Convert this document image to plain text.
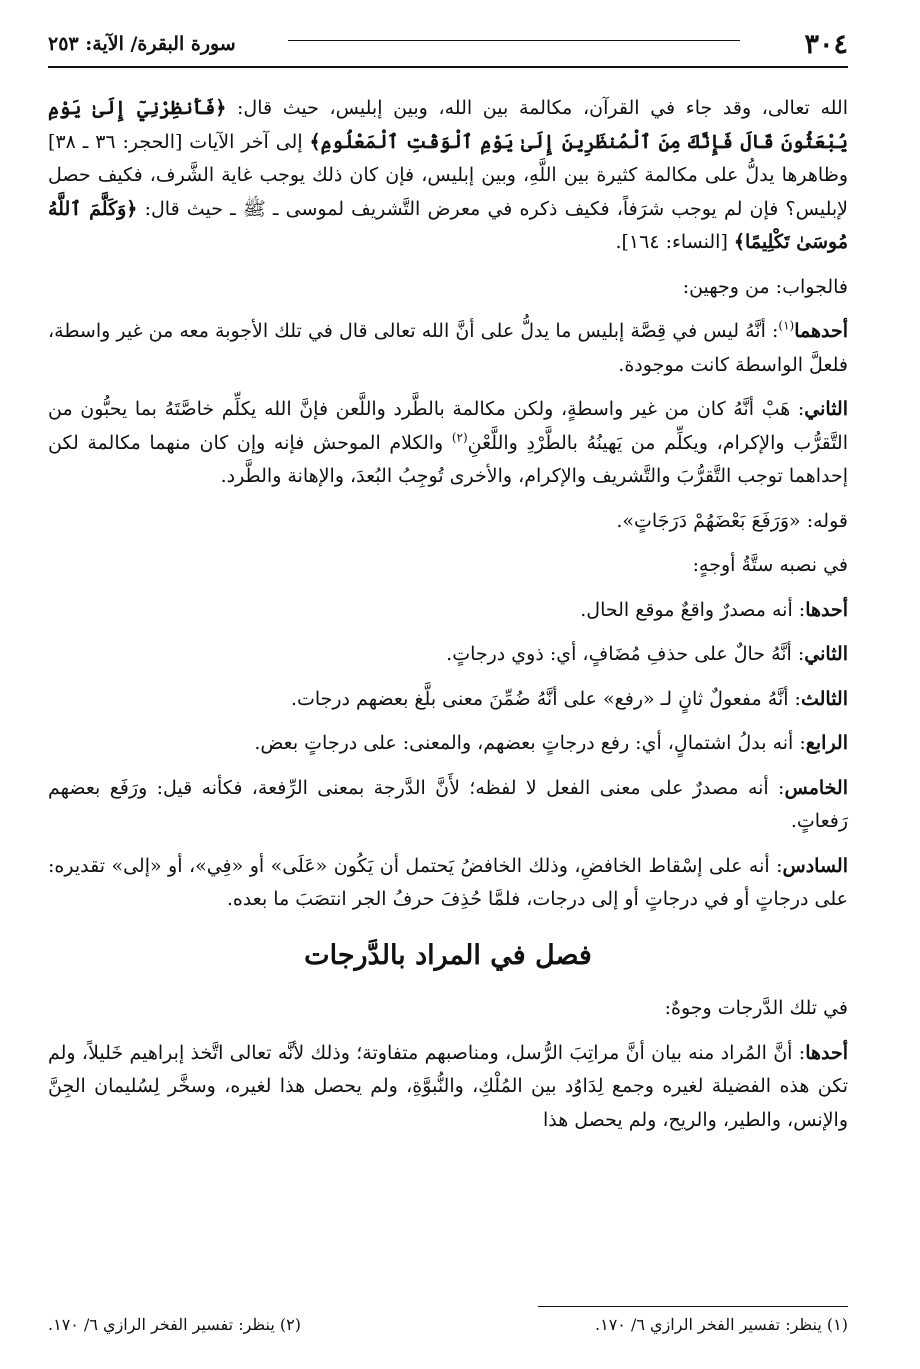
٣٠٤
سورة البقرة/ الآية: ٢٥٣

الله تعالى، وقد جاء في القرآن، مكالمة بين الله، وبين إبليس، حيث قال: ﴿فَأَنظِرْنِيٓ إِلَىٰ يَوْمِ يُبْعَثُونَ قَالَ فَإِنَّكَ مِنَ ٱلْمُنظَرِينَ إِلَىٰ يَوْمِ ٱلْوَقْتِ ٱلْمَعْلُومِ﴾ إلى آخر الآيات [الحجر: ٣٦ ـ ٣٨] وظاهرها يدلُّ على مكالمة كثيرة بين اللَّهِ، وبين إبليس، فإن كان ذلك يوجب غاية الشَّرف، فكيف حصل لإبليس؟ فإن لم يوجب شرَفاً، فكيف ذكره في معرض التَّشريف لموسى ـ ﷺ ـ حيث قال: ﴿وَكَلَّمَ ٱللَّهُ مُوسَىٰ تَكْلِيمًا﴾ [النساء: ١٦٤].

فالجواب: من وجهين:

أحدهما$^{(١)}$: أنَّهُ ليس في قِصَّة إبليس ما يدلُّ على أنَّ الله تعالى قال في تلك الأجوبة معه من غير واسطة، فلعلَّ الواسطة كانت موجودة.

الثاني: هَبْ أنَّهُ كان من غير واسطةٍ، ولكن مكالمة بالطَّرد واللَّعن فإنَّ الله يكلِّم خاصَّتَهُ بما يحبُّون من التَّقرُّب والإكرام، ويكلِّم من يَهينُهُ بالطَّرْدِ واللَّعْنِ$^{(٢)}$ والكلام الموحش فإنه وإن كان منهما مكالمة لكن إحداهما توجب التَّقرُّبَ والتَّشريف والإكرام، والأخرى تُوجِبُ البُعدَ، والإهانة والطَّرد.

قوله: «وَرَفَعَ بَعْضَهُمْ دَرَجَاتٍ».

في نصبه ستَّةُ أوجهٍ:

أحدها: أنه مصدرٌ واقعٌ موقع الحال.

الثاني: أنَّهُ حالٌ على حذفِ مُضَافٍ، أي: ذوي درجاتٍ.

الثالث: أنَّهُ مفعولٌ ثانٍ لـ «رفع» على أنَّهُ ضُمِّنَ معنى بلَّغ بعضهم درجات.

الرابع: أنه بدلُ اشتمالٍ، أي: رفع درجاتٍ بعضهم، والمعنى: على درجاتٍ بعض.

الخامس: أنه مصدرٌ على معنى الفعل لا لفظه؛ لأَنَّ الدَّرجة بمعنى الرِّفعة، فكأنه قيل: ورَفَع بعضهم رَفعاتٍ.

السادس: أنه على إسْقاط الخافضِ، وذلك الخافضُ يَحتمل أن يَكُون «عَلَى» أو «فِي»، أو «إلى» تقديره: على درجاتٍ أو في درجاتٍ أو إلى درجات، فلمَّا حُذِفَ حرفُ الجر انتصَبَ ما بعده.

فصل في المراد بالدَّرجات

في تلك الدَّرجات وجوهٌ:

أحدها: أنَّ المُراد منه بيان أنَّ مراتِبَ الرُّسل، ومناصبهم متفاوتة؛ وذلك لأنَّه تعالى اتَّخذ إبراهيم خَليلاً، ولم تكن هذه الفضيلة لغيره وجمع لِدَاوُد بين المُلْكِ، والنُّبوَّةِ، ولم يحصل هذا لغيره، وسخَّر لِسُليمان الجِنَّ والإنس، والطير، والريح، ولم يحصل هذا

(١) ينظر: تفسير الفخر الرازي ٦/ ١٧٠.
(٢) ينظر: تفسير الفخر الرازي ٦/ ١٧٠.
